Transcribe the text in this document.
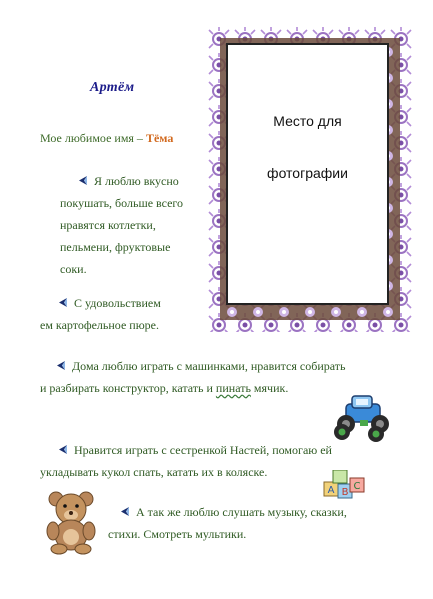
Артём
Мое любимое имя – Тёма
Я люблю вкусно
покушать, больше всего
нравятся котлетки,
пельмени, фруктовые
соки.
С удовольствием
ем картофельное пюре.
Дома люблю играть с машинками, нравится собирать
и разбирать конструктор, катать и пинать мячик.
Нравится играть с сестренкой Настей, помогаю ей
укладывать кукол спать, катать их в коляске.
А так же люблю слушать музыку, сказки,
стихи. Смотреть мультики.
Место для
фотографии
A B
C
